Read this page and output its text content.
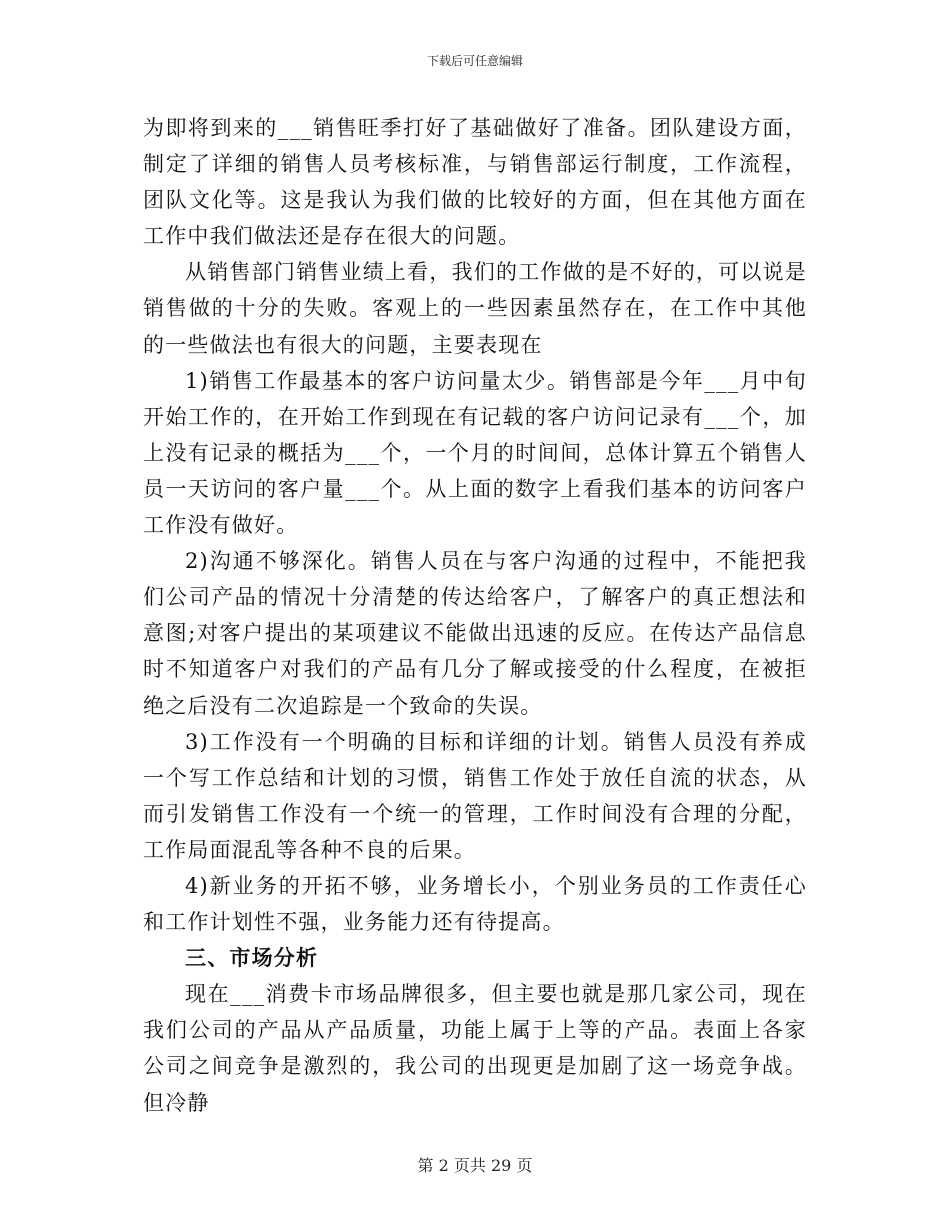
下载后可任意编辑

为即将到来的___销售旺季打好了基础做好了准备。团队建设方面，制定了详细的销售人员考核标准，与销售部运行制度，工作流程，团队文化等。这是我认为我们做的比较好的方面，但在其他方面在工作中我们做法还是存在很大的问题。

从销售部门销售业绩上看，我们的工作做的是不好的，可以说是销售做的十分的失败。客观上的一些因素虽然存在，在工作中其他的一些做法也有很大的问题，主要表现在

1)销售工作最基本的客户访问量太少。销售部是今年___月中旬开始工作的，在开始工作到现在有记载的客户访问记录有___个，加上没有记录的概括为___个，一个月的时间间，总体计算五个销售人员一天访问的客户量___个。从上面的数字上看我们基本的访问客户工作没有做好。

2)沟通不够深化。销售人员在与客户沟通的过程中，不能把我们公司产品的情况十分清楚的传达给客户，了解客户的真正想法和意图;对客户提出的某项建议不能做出迅速的反应。在传达产品信息时不知道客户对我们的产品有几分了解或接受的什么程度，在被拒绝之后没有二次追踪是一个致命的失误。

3)工作没有一个明确的目标和详细的计划。销售人员没有养成一个写工作总结和计划的习惯，销售工作处于放任自流的状态，从而引发销售工作没有一个统一的管理，工作时间没有合理的分配，工作局面混乱等各种不良的后果。

4)新业务的开拓不够，业务增长小，个别业务员的工作责任心和工作计划性不强，业务能力还有待提高。

三、市场分析

现在___消费卡市场品牌很多，但主要也就是那几家公司，现在我们公司的产品从产品质量，功能上属于上等的产品。表面上各家公司之间竞争是激烈的，我公司的出现更是加剧了这一场竞争战。但冷静

第 2 页共 29 页
